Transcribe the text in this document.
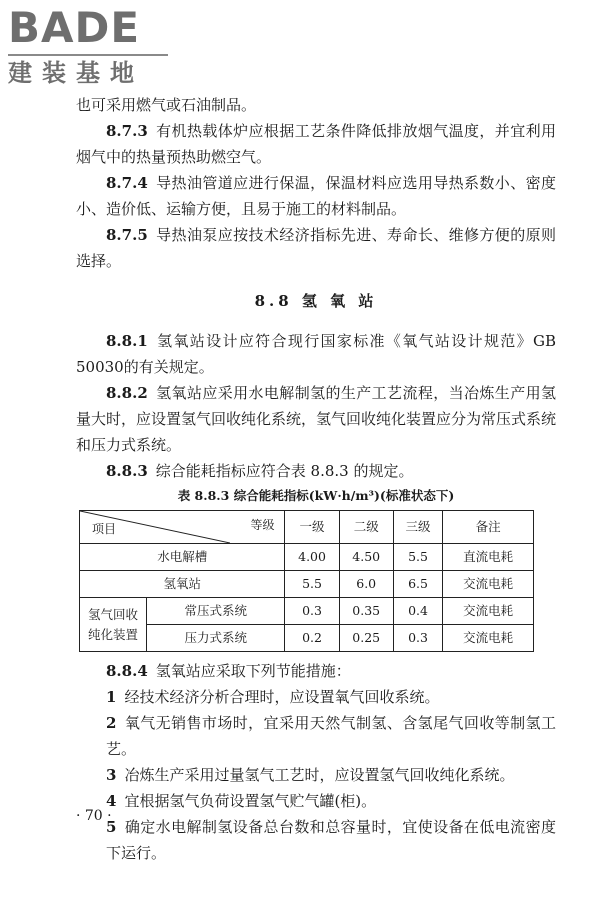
BADE
建装基地

也可采用燃气或石油制品。

8.7.3 有机热载体炉应根据工艺条件降低排放烟气温度，并宜利用烟气中的热量预热助燃空气。

8.7.4 导热油管道应进行保温，保温材料应选用导热系数小、密度小、造价低、运输方便，且易于施工的材料制品。

8.7.5 导热油泵应按技术经济指标先进、寿命长、维修方便的原则选择。

8.8 氢 氧 站

8.8.1 氢氧站设计应符合现行国家标准《氧气站设计规范》GB 50030的有关规定。

8.8.2 氢氧站应采用水电解制氢的生产工艺流程，当冶炼生产用氢量大时，应设置氢气回收纯化系统，氢气回收纯化装置应分为常压式系统和压力式系统。

8.8.3 综合能耗指标应符合表 8.8.3 的规定。

表 8.8.3 综合能耗指标(kW·h/m³)(标准状态下)
等级
项目		一级	二级	三级	备注
水电解槽		4.00	4.50	5.5	直流电耗
氢氧站		5.5	6.0	6.5	交流电耗

氢气回收
纯化装置	常压式系统	0.3	0.35	0.4	交流电耗
	压力式系统	0.2	0.25	0.3	交流电耗

8.8.4 氢氧站应采取下列节能措施：

1 经技术经济分析合理时，应设置氧气回收系统。

2 氧气无销售市场时，宜采用天然气制氢、含氢尾气回收等制氢工艺。

3 冶炼生产采用过量氢气工艺时，应设置氢气回收纯化系统。

4 宜根据氢气负荷设置氢气贮气罐(柜)。

5 确定水电解制氢设备总台数和总容量时，宜使设备在低电流密度下运行。

· 70 ·
